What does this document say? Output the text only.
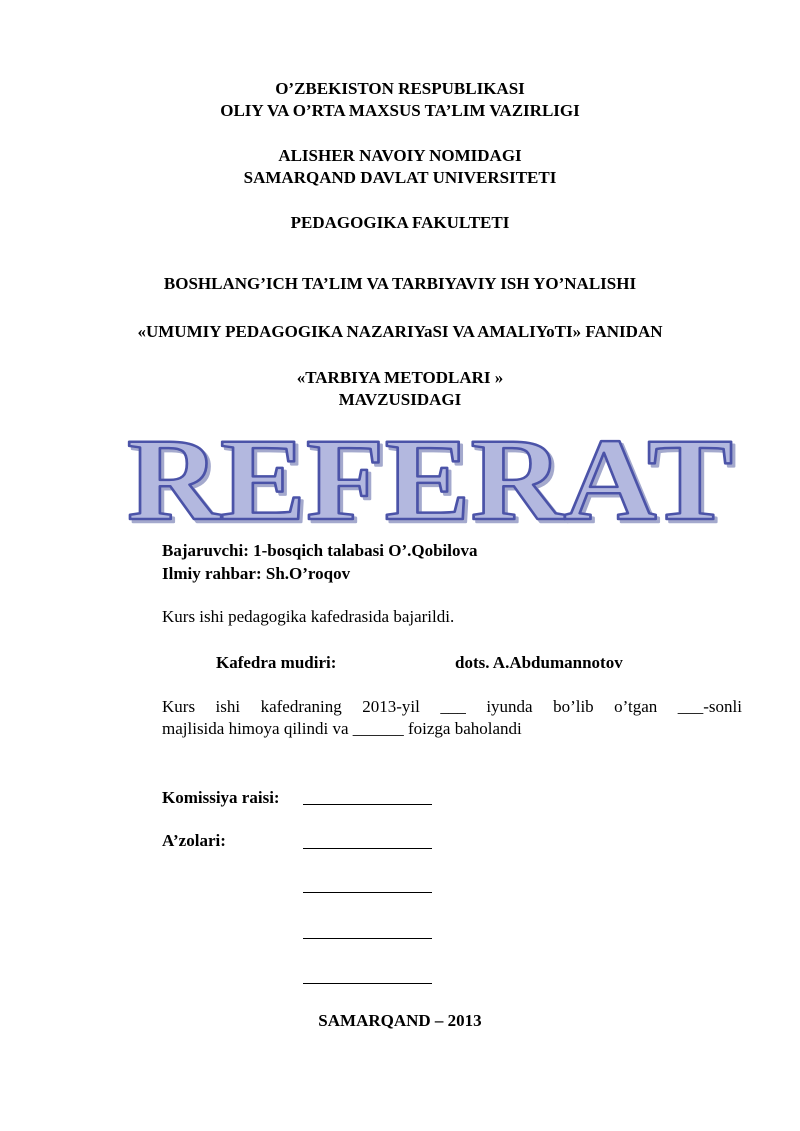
O’ZBEKISTON RESPUBLIKASI
OLIY VA O’RTA MAXSUS TA’LIM VAZIRLIGI
ALISHER NAVOIY NOMIDAGI
SAMARQAND DAVLAT UNIVERSITETI
PEDAGOGIKA FAKULTETI
BOSHLANG’ICH TA’LIM VA TARBIYAVIY ISH YO’NALISHI
«UMUMIY PEDAGOGIKA NAZARIYaSI VA AMALIYoTI» FANIDAN
«TARBIYA METODLARI »
MAVZUSIDAGI
REFERAT
Bajaruvchi: 1-bosqich talabasi O’.Qobilova
Ilmiy rahbar: Sh.O’roqov
Kurs ishi pedagogika kafedrasida bajarildi.
Kafedra mudiri:	dots. A.Abdumannotov
Kurs ishi kafedraning 2013-yil ___ iyunda bo’lib o’tgan ___-sonli
majlisida himoya qilindi va ______ foizga baholandi
Komissiya raisi:
A’zolari:
SAMARQAND – 2013
